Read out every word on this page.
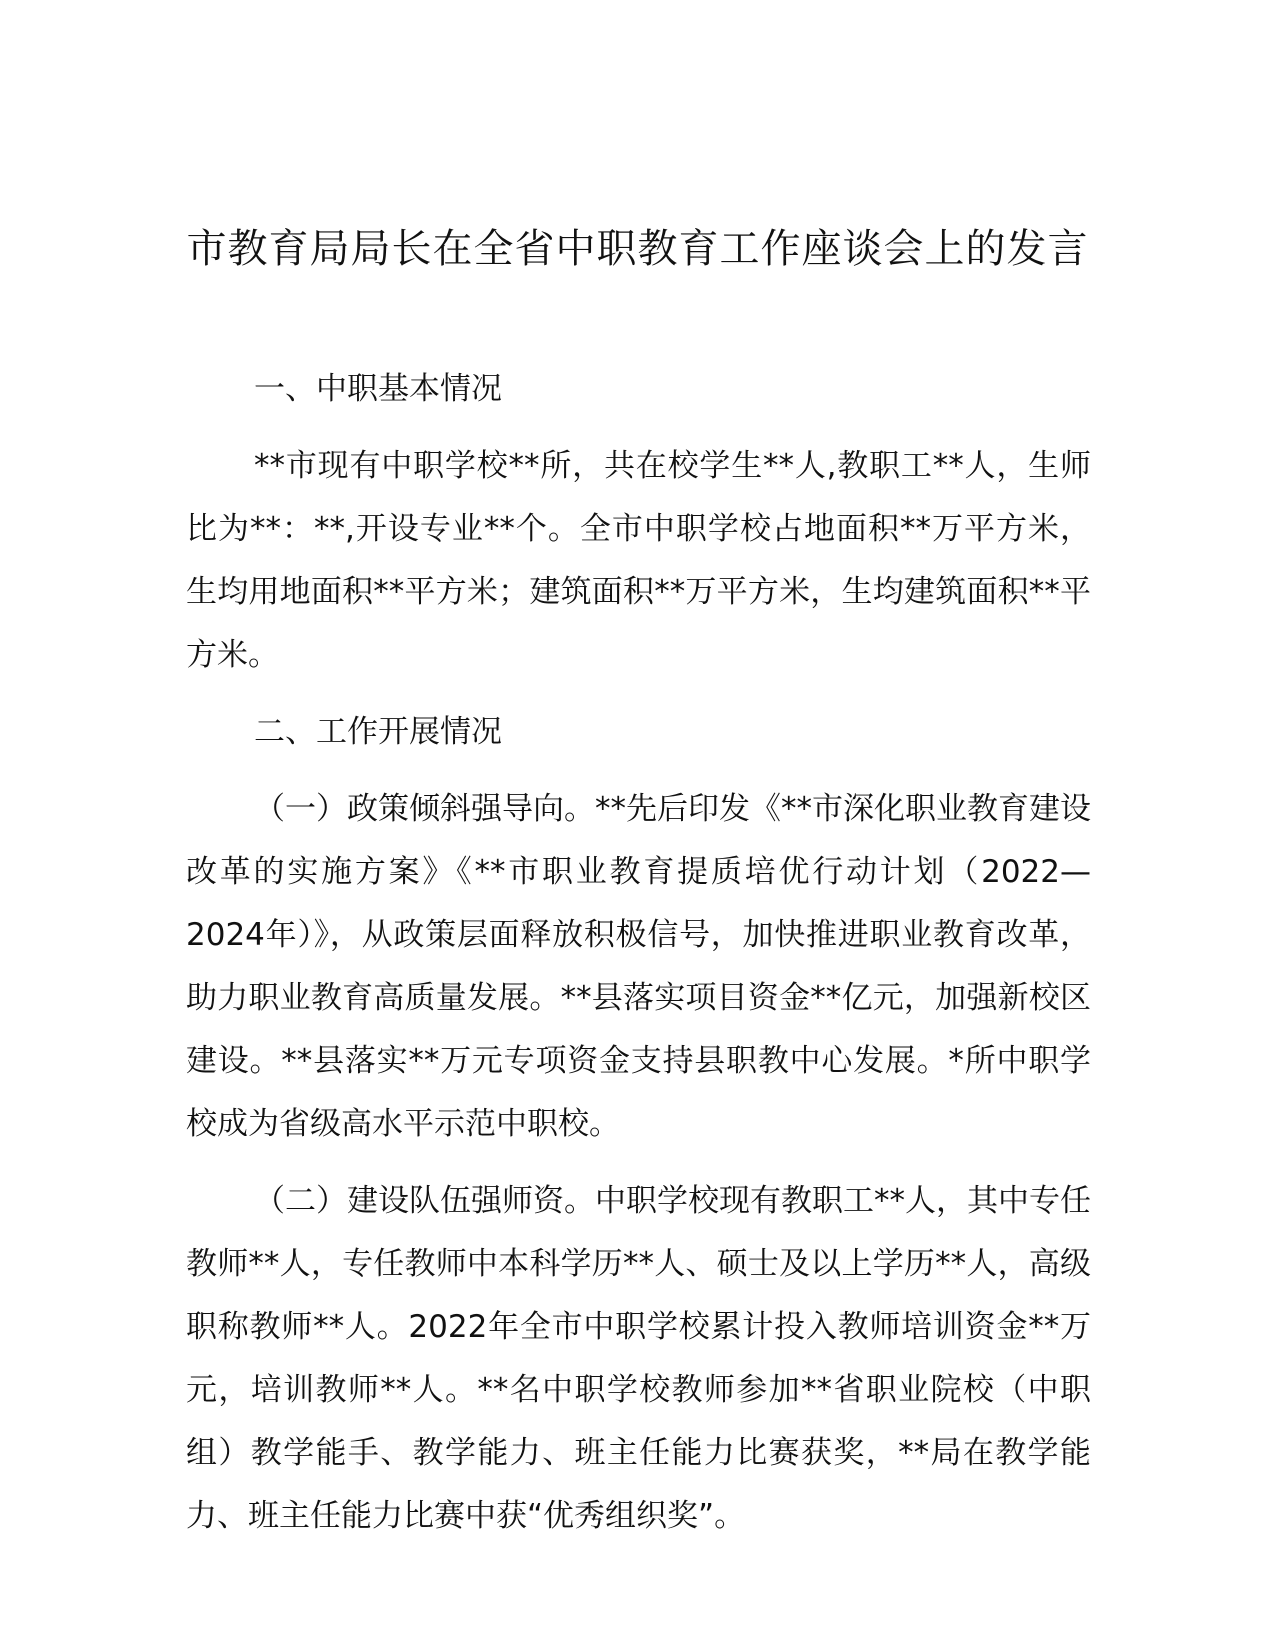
市教育局局长在全省中职教育工作座谈会上的发言

一、中职基本情况

**市现有中职学校**所，共在校学生**人,教职工**人，生师比为**：**,开设专业**个。全市中职学校占地面积**万平方米，生均用地面积**平方米；建筑面积**万平方米，生均建筑面积**平方米。

二、工作开展情况

（一）政策倾斜强导向。**先后印发《**市深化职业教育建设改革的实施方案》《**市职业教育提质培优行动计划（2022—2024年）》，从政策层面释放积极信号，加快推进职业教育改革，助力职业教育高质量发展。**县落实项目资金**亿元，加强新校区建设。**县落实**万元专项资金支持县职教中心发展。*所中职学校成为省级高水平示范中职校。

（二）建设队伍强师资。中职学校现有教职工**人，其中专任教师**人，专任教师中本科学历**人、硕士及以上学历**人，高级职称教师**人。2022年全市中职学校累计投入教师培训资金**万元，培训教师**人。**名中职学校教师参加**省职业院校（中职组）教学能手、教学能力、班主任能力比赛获奖，**局在教学能力、班主任能力比赛中获“优秀组织奖”。
